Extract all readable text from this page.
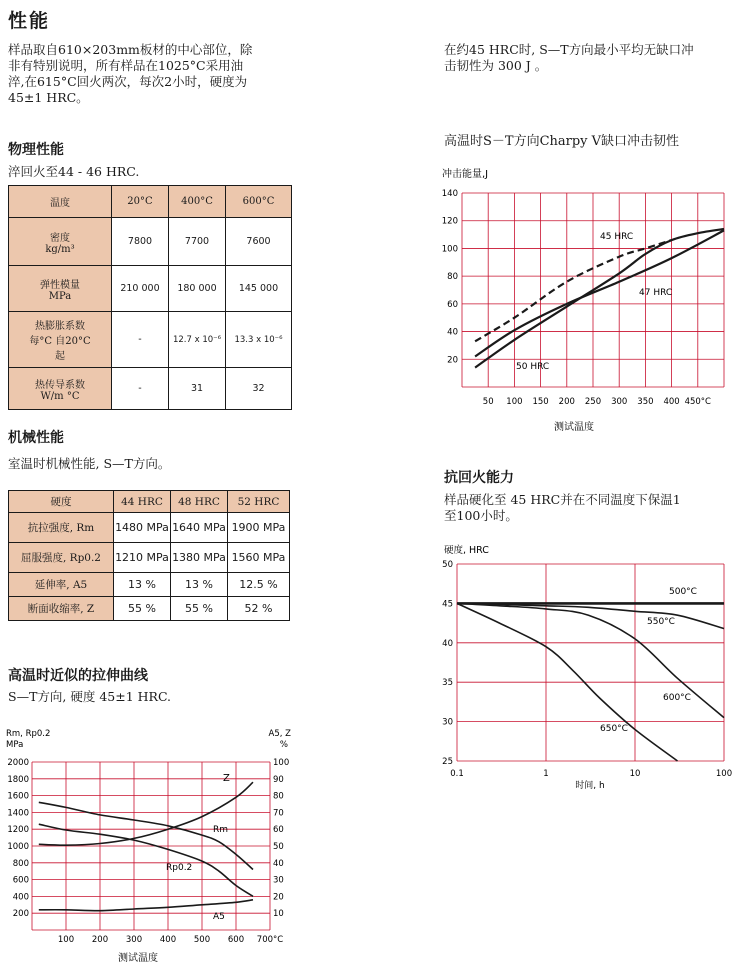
性能
样品取自610×203mm板材的中心部位，除
非有特别说明，所有样品在1025°C采用油
淬,在615°C回火两次，每次2小时，硬度为
45±1 HRC。
物理性能
淬回火至44 - 46 HRC.
温度	20°C	400°C	600°C

密度
kg/m³	7800	7700	7600

弹性模量
MPa	210 000	180 000	145 000

热膨胀系数
每°C 自20°C
起	-	12.7 x 10⁻⁶	13.3 x 10⁻⁶

热传导系数
W/m °C	-	31	32
机械性能
室温时机械性能, S—T方向。
硬度	44 HRC	48 HRC	52 HRC
抗拉强度, Rm	1480 MPa	1640 MPa	1900 MPa
屈服强度, Rp0.2	1210 MPa	1380 MPa	1560 MPa
延伸率, A5	13 %	13 %	12.5 %
断面收缩率, Z	55 %	55 %	52 %
高温时近似的拉伸曲线
S—T方向, 硬度 45±1 HRC.
Rm, Rp0.2
MPa
A5, Z
%
200
400
600
800
1000
1200
1400
1600
1800
2000
10
20
30
40
50
60
70
80
90
100
100 200 300 400 500 600 700°C
测试温度
Z
Rm
Rp0.2
A5
在约45 HRC时, S—T方向最小平均无缺口冲
击韧性为 300 J 。
高温时S－T方向Charpy V缺口冲击韧性
冲击能量,J
20
40
60
80
100
120
140
50 100 150 200 250 300 350 400 450°C
测试温度
45 HRC
47 HRC
50 HRC
抗回火能力
样品硬化至 45 HRC并在不同温度下保温1
至100小时。
硬度, HRC
25
30
35
40
45
50
0.1	1	10	100
时间, h
500°C
550°C
600°C
650°C
